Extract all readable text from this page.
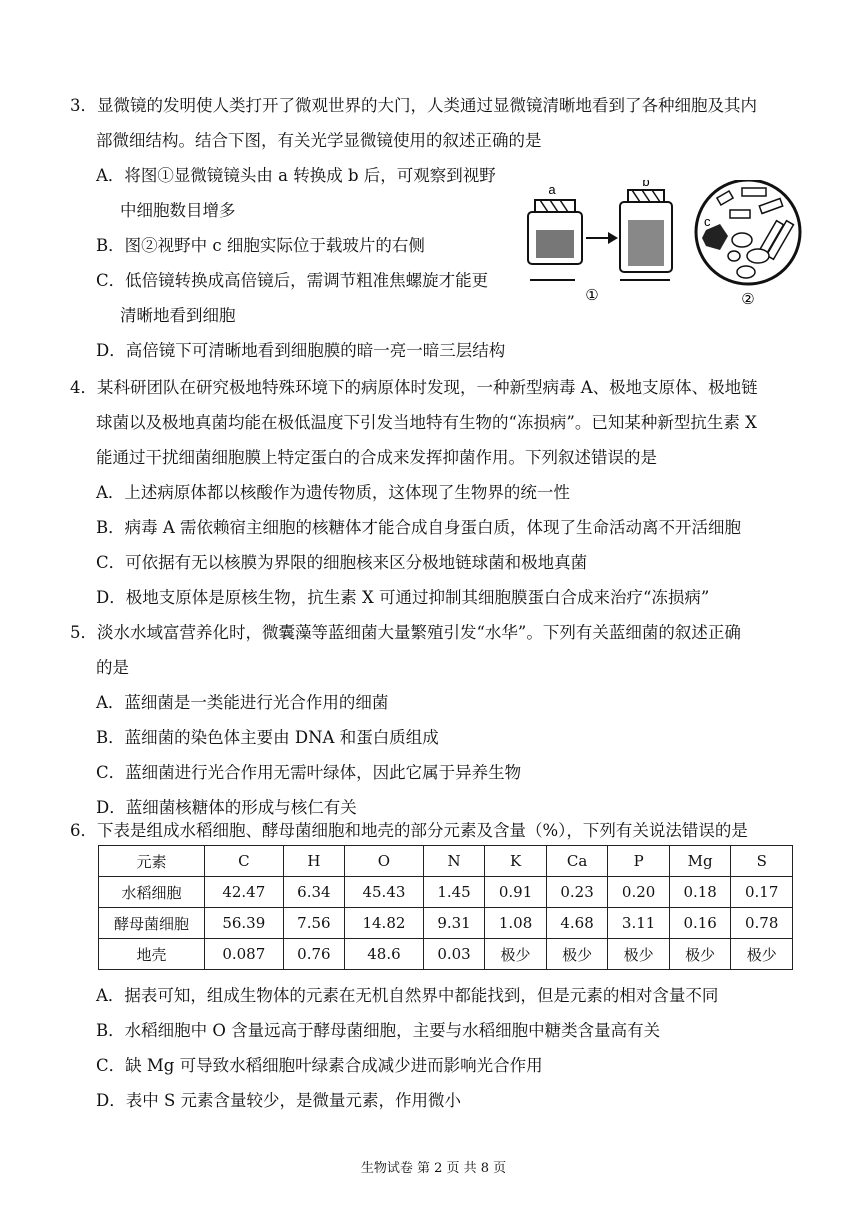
3．显微镜的发明使人类打开了微观世界的大门，人类通过显微镜清晰地看到了各种细胞及其内
部微细结构。结合下图，有关光学显微镜使用的叙述正确的是
A．将图①显微镜镜头由 a 转换成 b 后，可观察到视野
中细胞数目增多
B．图②视野中 c 细胞实际位于载玻片的右侧
C．低倍镜转换成高倍镜后，需调节粗准焦螺旋才能更
清晰地看到细胞
D．高倍镜下可清晰地看到细胞膜的暗一亮一暗三层结构
a
b
①
c
②
4．某科研团队在研究极地特殊环境下的病原体时发现，一种新型病毒 A、极地支原体、极地链
球菌以及极地真菌均能在极低温度下引发当地特有生物的“冻损病”。已知某种新型抗生素 X
能通过干扰细菌细胞膜上特定蛋白的合成来发挥抑菌作用。下列叙述错误的是
A．上述病原体都以核酸作为遗传物质，这体现了生物界的统一性
B．病毒 A 需依赖宿主细胞的核糖体才能合成自身蛋白质，体现了生命活动离不开活细胞
C．可依据有无以核膜为界限的细胞核来区分极地链球菌和极地真菌
D．极地支原体是原核生物，抗生素 X 可通过抑制其细胞膜蛋白合成来治疗“冻损病”
5．淡水水域富营养化时，微囊藻等蓝细菌大量繁殖引发“水华”。下列有关蓝细菌的叙述正确
的是
A．蓝细菌是一类能进行光合作用的细菌
B．蓝细菌的染色体主要由 DNA 和蛋白质组成
C．蓝细菌进行光合作用无需叶绿体，因此它属于异养生物
D．蓝细菌核糖体的形成与核仁有关
6．下表是组成水稻细胞、酵母菌细胞和地壳的部分元素及含量（%），下列有关说法错误的是
元素	C	H	O	N	K	Ca	P	Mg	S
水稻细胞	42.47	6.34	45.43	1.45	0.91	0.23	0.20	0.18	0.17
酵母菌细胞	56.39	7.56	14.82	9.31	1.08	4.68	3.11	0.16	0.78
地壳	0.087	0.76	48.6	0.03	极少	极少	极少	极少	极少
A．据表可知，组成生物体的元素在无机自然界中都能找到，但是元素的相对含量不同
B．水稻细胞中 O 含量远高于酵母菌细胞，主要与水稻细胞中糖类含量高有关
C．缺 Mg 可导致水稻细胞叶绿素合成减少进而影响光合作用
D．表中 S 元素含量较少，是微量元素，作用微小
生物试卷 第 2 页 共 8 页
